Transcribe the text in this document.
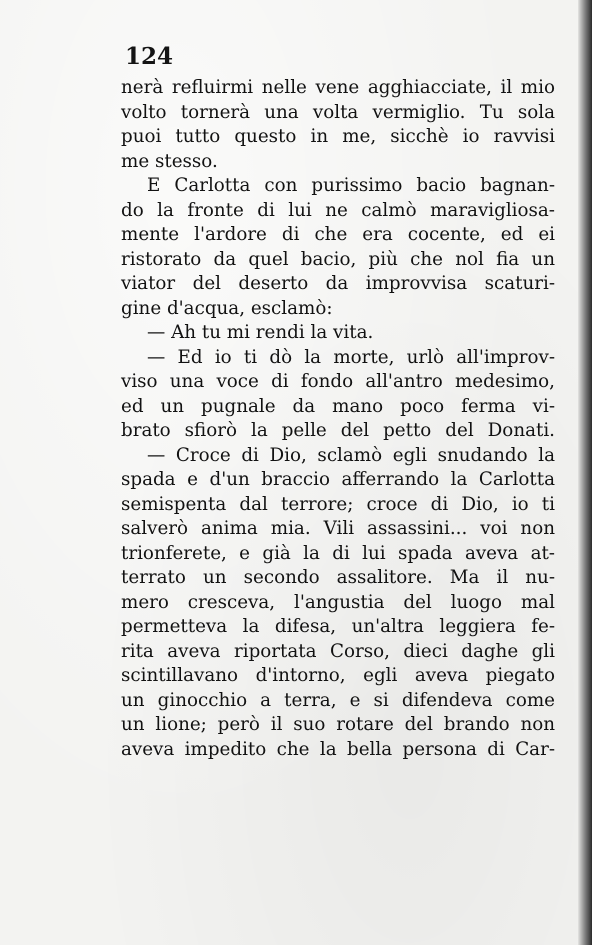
124
nerà refluirmi nelle vene agghiacciate, il mio
volto tornerà una volta vermiglio. Tu sola
puoi tutto questo in me, sicchè io ravvisi
me stesso.
E Carlotta con purissimo bacio bagnan-
do la fronte di lui ne calmò maravigliosa-
mente l'ardore di che era cocente, ed ei
ristorato da quel bacio, più che nol fia un
viator del deserto da improvvisa scaturi-
gine d'acqua, esclamò:
— Ah tu mi rendi la vita.
— Ed io ti dò la morte, urlò all'improv-
viso una voce di fondo all'antro medesimo,
ed un pugnale da mano poco ferma vi-
brato sfiorò la pelle del petto del Donati.
— Croce di Dio, sclamò egli snudando la
spada e d'un braccio afferrando la Carlotta
semispenta dal terrore; croce di Dio, io ti
salverò anima mia. Vili assassini... voi non
trionferete, e già la di lui spada aveva at-
terrato un secondo assalitore. Ma il nu-
mero cresceva, l'angustia del luogo mal
permetteva la difesa, un'altra leggiera fe-
rita aveva riportata Corso, dieci daghe gli
scintillavano d'intorno, egli aveva piegato
un ginocchio a terra, e si difendeva come
un lione; però il suo rotare del brando non
aveva impedito che la bella persona di Car-
